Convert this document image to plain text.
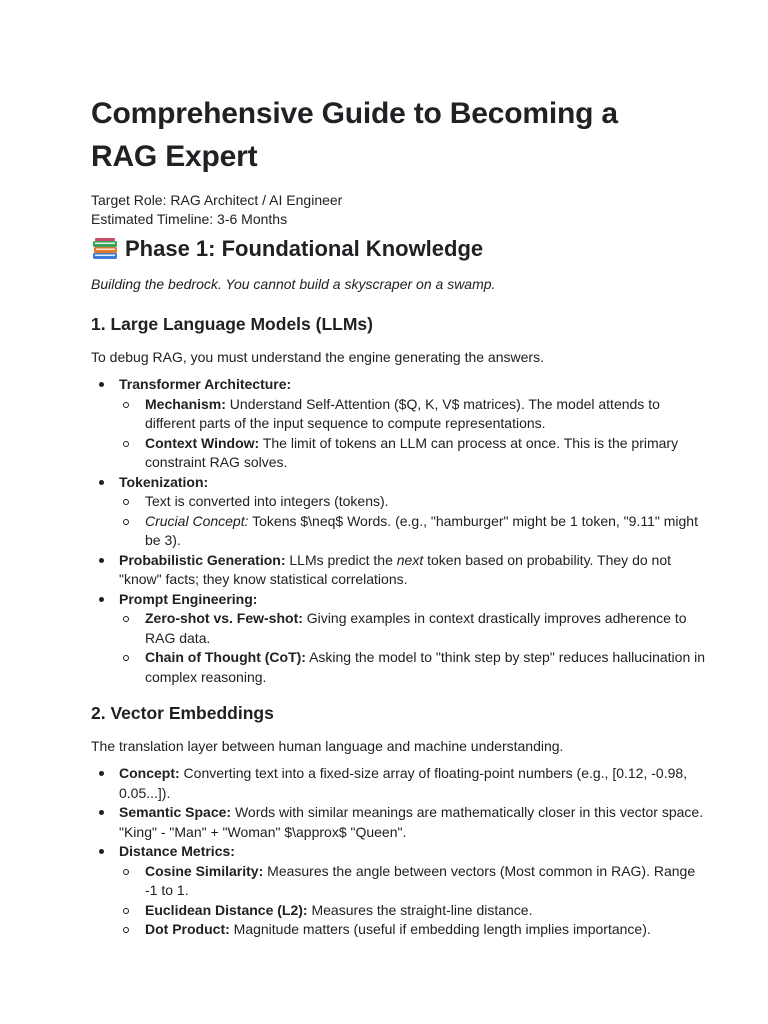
Comprehensive Guide to Becoming a RAG Expert
Target Role: RAG Architect / AI Engineer
Estimated Timeline: 3-6 Months
Phase 1: Foundational Knowledge
Building the bedrock. You cannot build a skyscraper on a swamp.
1. Large Language Models (LLMs)
To debug RAG, you must understand the engine generating the answers.
Transformer Architecture:
Mechanism: Understand Self-Attention ($Q, K, V$ matrices). The model attends to different parts of the input sequence to compute representations.
Context Window: The limit of tokens an LLM can process at once. This is the primary constraint RAG solves.
Tokenization:
Text is converted into integers (tokens).
Crucial Concept: Tokens $\neq$ Words. (e.g., "hamburger" might be 1 token, "9.11" might be 3).
Probabilistic Generation: LLMs predict the next token based on probability. They do not "know" facts; they know statistical correlations.
Prompt Engineering:
Zero-shot vs. Few-shot: Giving examples in context drastically improves adherence to RAG data.
Chain of Thought (CoT): Asking the model to "think step by step" reduces hallucination in complex reasoning.
2. Vector Embeddings
The translation layer between human language and machine understanding.
Concept: Converting text into a fixed-size array of floating-point numbers (e.g., [0.12, -0.98, 0.05...]).
Semantic Space: Words with similar meanings are mathematically closer in this vector space. "King" - "Man" + "Woman" $\approx$ "Queen".
Distance Metrics:
Cosine Similarity: Measures the angle between vectors (Most common in RAG). Range -1 to 1.
Euclidean Distance (L2): Measures the straight-line distance.
Dot Product: Magnitude matters (useful if embedding length implies importance).
